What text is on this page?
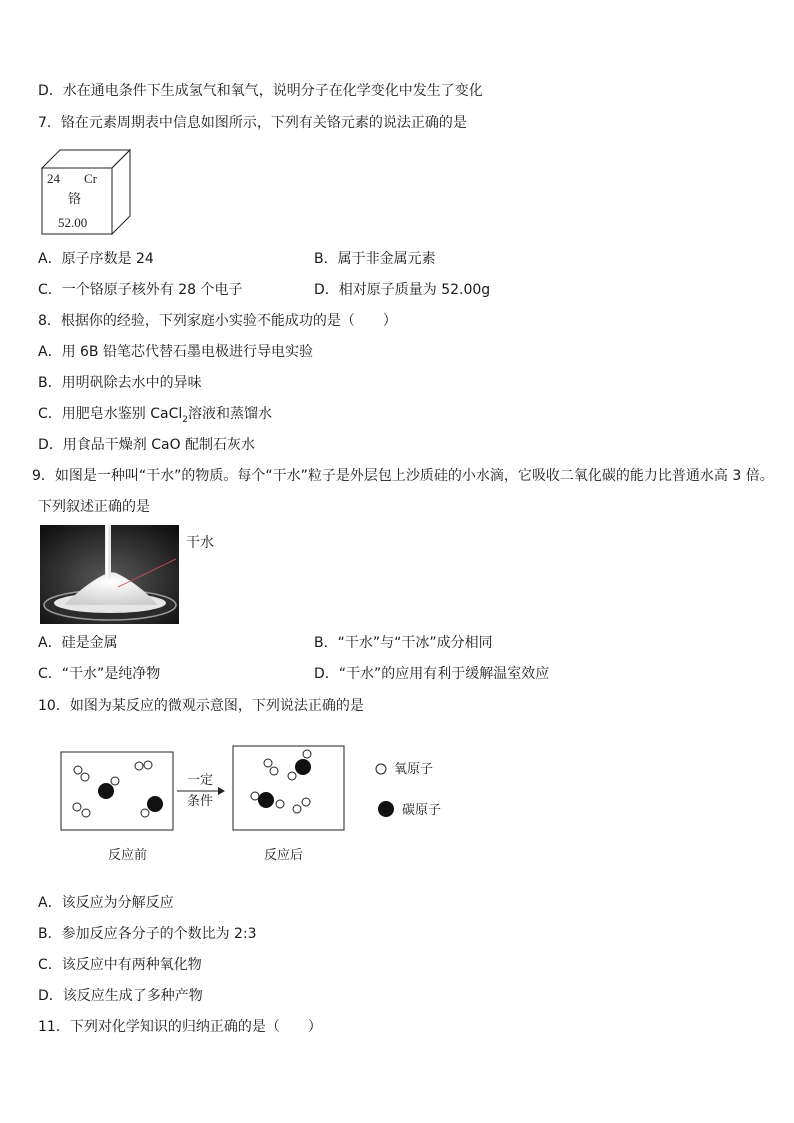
D．水在通电条件下生成氢气和氧气，说明分子在化学变化中发生了变化
7．铬在元素周期表中信息如图所示，下列有关铬元素的说法正确的是
24 Cr
铬
52.00
A．原子序数是 24	B．属于非金属元素
C．一个铬原子核外有 28 个电子	D．相对原子质量为 52.00g
8．根据你的经验，下列家庭小实验不能成功的是（　　）
A．用 6B 铅笔芯代替石墨电极进行导电实验
B．用明矾除去水中的异味
C．用肥皂水鉴别 CaCl$_2$溶液和蒸馏水
D．用食品干燥剂 CaO 配制石灰水
9．如图是一种叫“干水”的物质。每个“干水”粒子是外层包上沙质硅的小水滴，它吸收二氧化碳的能力比普通水高 3 倍。
下列叙述正确的是
干水
A．硅是金属	B．“干水”与“干冰”成分相同
C．“干水”是纯净物	D．“干水”的应用有利于缓解温室效应
10．如图为某反应的微观示意图，下列说法正确的是
一定
条件
反应前	反应后
氧原子
碳原子
A．该反应为分解反应
B．参加反应各分子的个数比为 2:3
C．该反应中有两种氧化物
D．该反应生成了多种产物
11．下列对化学知识的归纳正确的是（　　）
